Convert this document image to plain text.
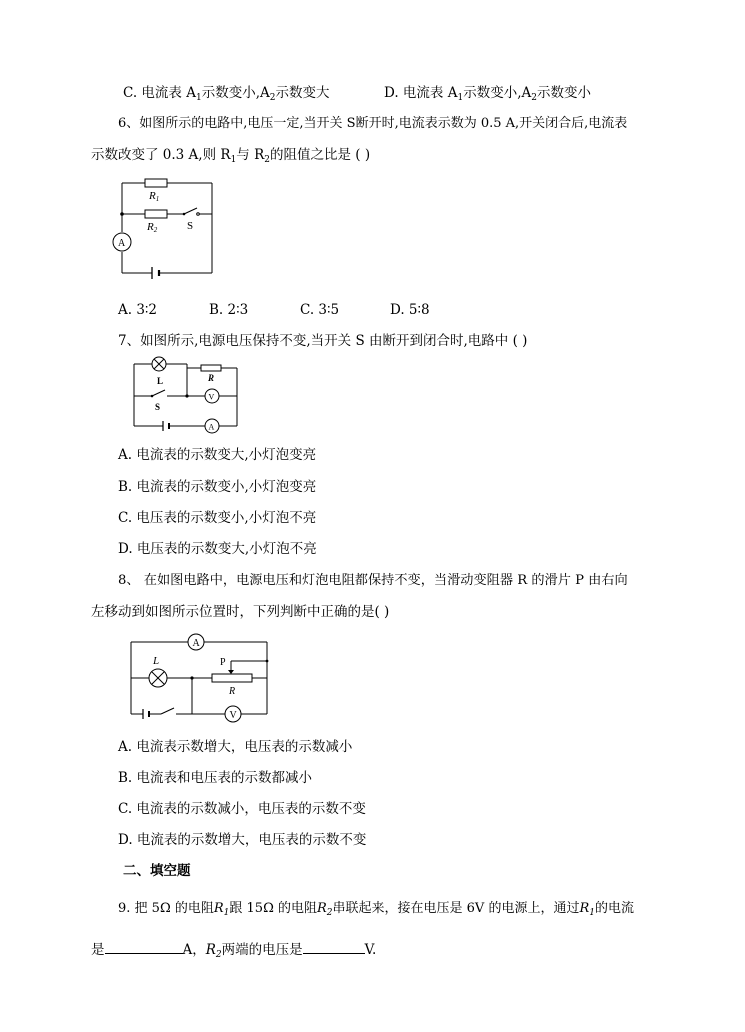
C. 电流表 $A_1$示数变小$,A_2$示数变大	D. 电流表 $A_1$示数变小$,A_2$示数变小
6、如图所示的电路中,电压一定,当开关 S断开时,电流表示数为 0.5 A,开关闭合后,电流表
示数改变了 0.3 A,则 $R_1$与 $R_2$的阻值之比是 ( )
R1
R2	S
A
A. 3∶2	B. 2∶3	C. 3∶5	D. 5∶8
7、如图所示,电源电压保持不变,当开关 S 由断开到闭合时,电路中 ( )
L
S
R
V
A
A. 电流表的示数变大,小灯泡变亮
B. 电流表的示数变小,小灯泡变亮
C. 电压表的示数变小,小灯泡不亮
D. 电压表的示数变大,小灯泡不亮
8、 在如图电路中，电源电压和灯泡电阻都保持不变，当滑动变阻器 R 的滑片 P 由右向
左移动到如图所示位置时，下列判断中正确的是( )
A
L	P
R
V
A. 电流表示数增大，电压表的示数减小
B. 电流表和电压表的示数都减小
C. 电流表的示数减小，电压表的示数不变
D. 电流表的示数增大，电压表的示数不变
二、填空题
9. 把 5Ω 的电阻$R_1$跟 15Ω 的电阻$R_2$串联起来，接在电压是 6V 的电源上，通过$R_1$的电流
是	A，$R_2$两端的电压是	V.
